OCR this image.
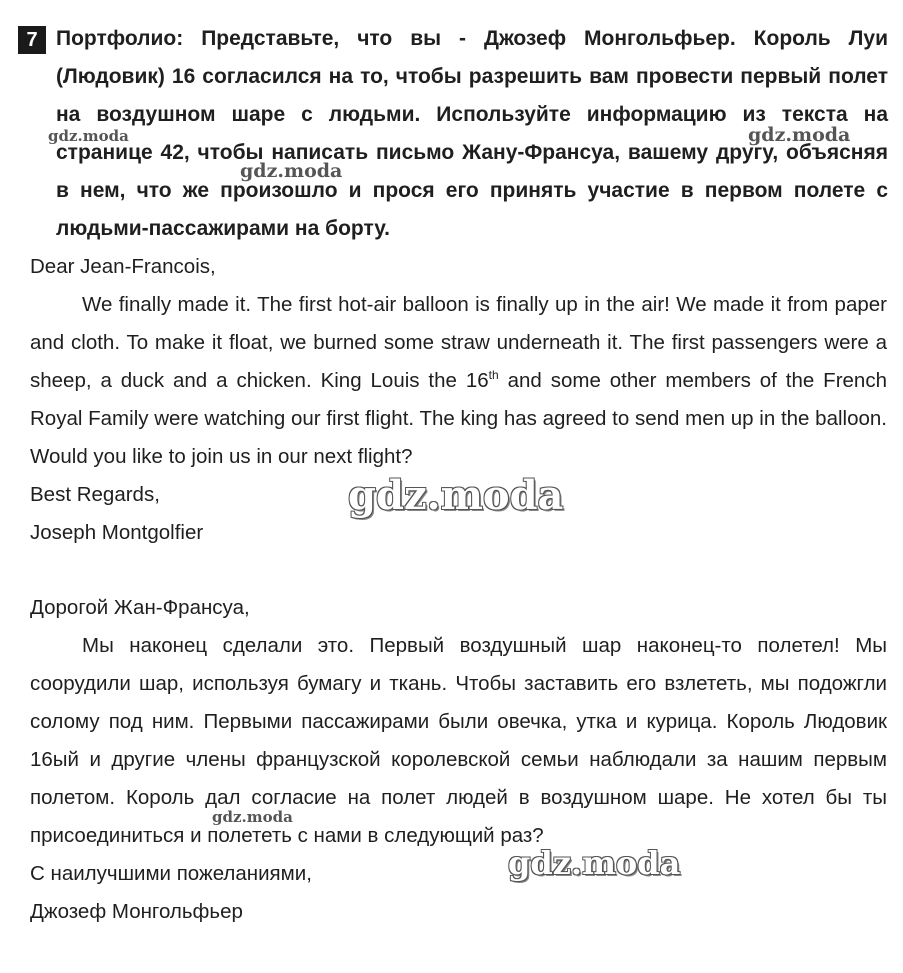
7 Портфолио: Представьте, что вы - Джозеф Монгольфьер. Король Луи (Людовик) 16 согласился на то, чтобы разрешить вам провести первый полет на воздушном шаре с людьми. Используйте информацию из текста на странице 42, чтобы написать письмо Жану-Франсуа, вашему другу, объясняя в нем, что же произошло и прося его принять участие в первом полете с людьми-пассажирами на борту.

Dear Jean-Francois,

We finally made it. The first hot-air balloon is finally up in the air! We made it from paper and cloth. To make it float, we burned some straw underneath it. The first passengers were a sheep, a duck and a chicken. King Louis the 16th and some other members of the French Royal Family were watching our first flight. The king has agreed to send men up in the balloon. Would you like to join us in our next flight?

Best Regards,

Joseph Montgolfier

Дорогой Жан-Франсуа,

Мы наконец сделали это. Первый воздушный шар наконец-то полетел! Мы соорудили шар, используя бумагу и ткань. Чтобы заставить его взлететь, мы подожгли солому под ним. Первыми пассажирами были овечка, утка и курица. Король Людовик 16ый и другие члены французской королевской семьи наблюдали за нашим первым полетом. Король дал согласие на полет людей в воздушном шаре. Не хотел бы ты присоединиться и полететь с нами в следующий раз?

С наилучшими пожеланиями,

Джозеф Монгольфьер

gdz.moda
gdz.moda
gdz.moda
gdz.moda
gdz.moda
gdz.moda
